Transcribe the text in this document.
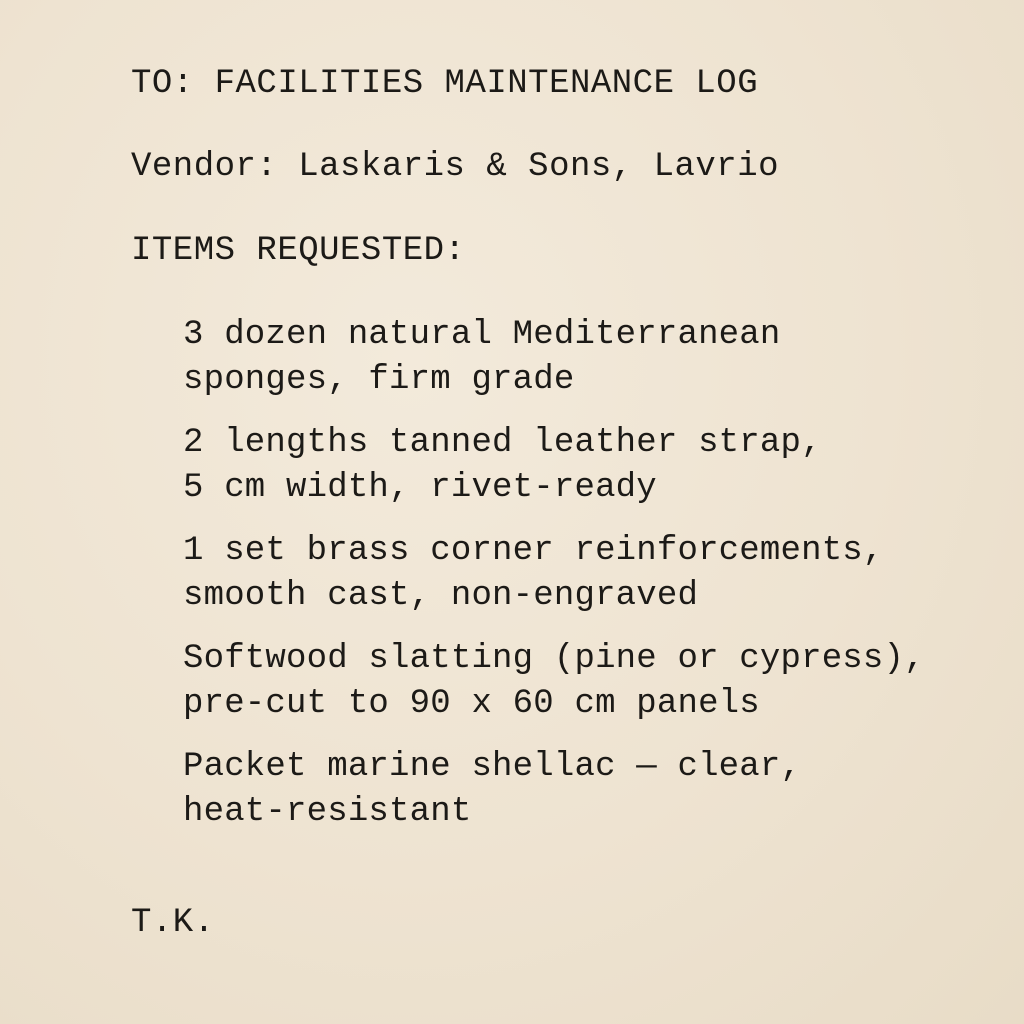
TO: FACILITIES MAINTENANCE LOG
Vendor: Laskaris & Sons, Lavrio
ITEMS REQUESTED:
3 dozen natural Mediterranean
sponges, firm grade
2 lengths tanned leather strap,
5 cm width, rivet-ready
1 set brass corner reinforcements,
smooth cast, non-engraved
Softwood slatting (pine or cypress),
pre-cut to 90 x 60 cm panels
Packet marine shellac — clear,
heat-resistant
T.K.
